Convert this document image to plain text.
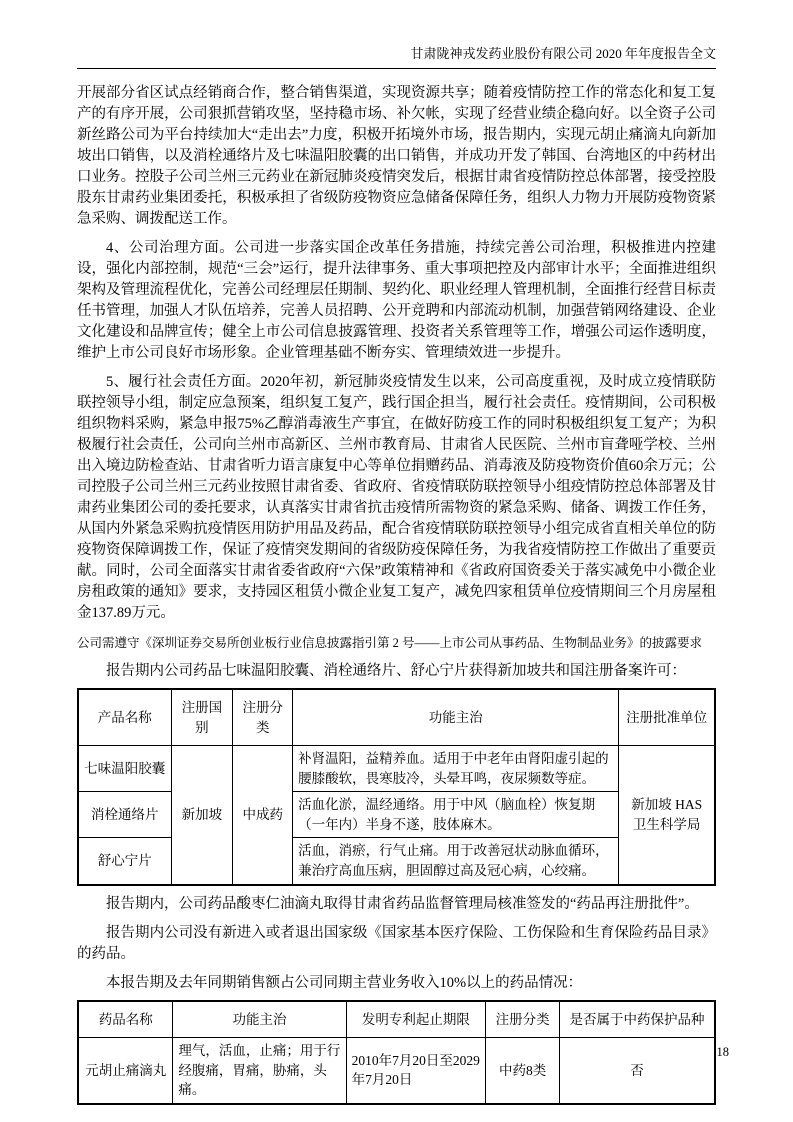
甘肃陇神戎发药业股份有限公司 2020 年年度报告全文

开展部分省区试点经销商合作，整合销售渠道，实现资源共享；随着疫情防控工作的常态化和复工复产的有序开展，公司狠抓营销攻坚，坚持稳市场、补欠帐，实现了经营业绩企稳向好。以全资子公司新丝路公司为平台持续加大“走出去”力度，积极开拓境外市场，报告期内，实现元胡止痛滴丸向新加坡出口销售，以及消栓通络片及七味温阳胶囊的出口销售，并成功开发了韩国、台湾地区的中药材出口业务。控股子公司兰州三元药业在新冠肺炎疫情突发后，根据甘肃省疫情防控总体部署，接受控股股东甘肃药业集团委托，积极承担了省级防疫物资应急储备保障任务，组织人力物力开展防疫物资紧急采购、调拨配送工作。

4、公司治理方面。公司进一步落实国企改革任务措施，持续完善公司治理，积极推进内控建设，强化内部控制，规范“三会”运行，提升法律事务、重大事项把控及内部审计水平；全面推进组织架构及管理流程优化，完善公司经理层任期制、契约化、职业经理人管理机制，全面推行经营目标责任书管理，加强人才队伍培养，完善人员招聘、公开竞聘和内部流动机制，加强营销网络建设、企业文化建设和品牌宣传；健全上市公司信息披露管理、投资者关系管理等工作，增强公司运作透明度，维护上市公司良好市场形象。企业管理基础不断夯实、管理绩效进一步提升。

5、履行社会责任方面。2020年初，新冠肺炎疫情发生以来，公司高度重视，及时成立疫情联防联控领导小组，制定应急预案，组织复工复产，践行国企担当，履行社会责任。疫情期间，公司积极组织物料采购，紧急申报75%乙醇消毒液生产事宜，在做好防疫工作的同时积极组织复工复产；为积极履行社会责任，公司向兰州市高新区、兰州市教育局、甘肃省人民医院、兰州市盲聋哑学校、兰州出入境边防检查站、甘肃省听力语言康复中心等单位捐赠药品、消毒液及防疫物资价值60余万元；公司控股子公司兰州三元药业按照甘肃省委、省政府、省疫情联防联控领导小组疫情防控总体部署及甘肃药业集团公司的委托要求，认真落实甘肃省抗击疫情所需物资的紧急采购、储备、调拨工作任务，从国内外紧急采购抗疫情医用防护用品及药品，配合省疫情联防联控领导小组完成省直相关单位的防疫物资保障调拨工作，保证了疫情突发期间的省级防疫保障任务，为我省疫情防控工作做出了重要贡献。同时，公司全面落实甘肃省委省政府“六保”政策精神和《省政府国资委关于落实减免中小微企业房租政策的通知》要求，支持园区租赁小微企业复工复产，减免四家租赁单位疫情期间三个月房屋租金137.89万元。

公司需遵守《深圳证券交易所创业板行业信息披露指引第 2 号——上市公司从事药品、生物制品业务》的披露要求

报告期内公司药品七味温阳胶囊、消栓通络片、舒心宁片获得新加坡共和国注册备案许可：

产品名称	注册国别	注册分类	功能主治	注册批准单位
七味温阳胶囊	新加坡	中成药	补肾温阳，益精养血。适用于中老年由肾阳虚引起的腰膝酸软，畏寒肢冷，头晕耳鸣，夜尿频数等症。	新加坡 HAS 卫生科学局
消栓通络片			活血化淤，温经通络。用于中风（脑血栓）恢复期（一年内）半身不遂，肢体麻木。	
舒心宁片			活血，消瘀，行气止痛。用于改善冠状动脉血循环，兼治疗高血压病，胆固醇过高及冠心病，心绞痛。	

报告期内，公司药品酸枣仁油滴丸取得甘肃省药品监督管理局核准签发的“药品再注册批件”。

报告期内公司没有新进入或者退出国家级《国家基本医疗保险、工伤保险和生育保险药品目录》的药品。

本报告期及去年同期销售额占公司同期主营业务收入10%以上的药品情况：

药品名称	功能主治	发明专利起止期限	注册分类	是否属于中药保护品种
元胡止痛滴丸	理气，活血，止痛；用于行经腹痛，胃痛，胁痛，头痛。	2010年7月20日至2029年7月20日	中药8类	否
18
